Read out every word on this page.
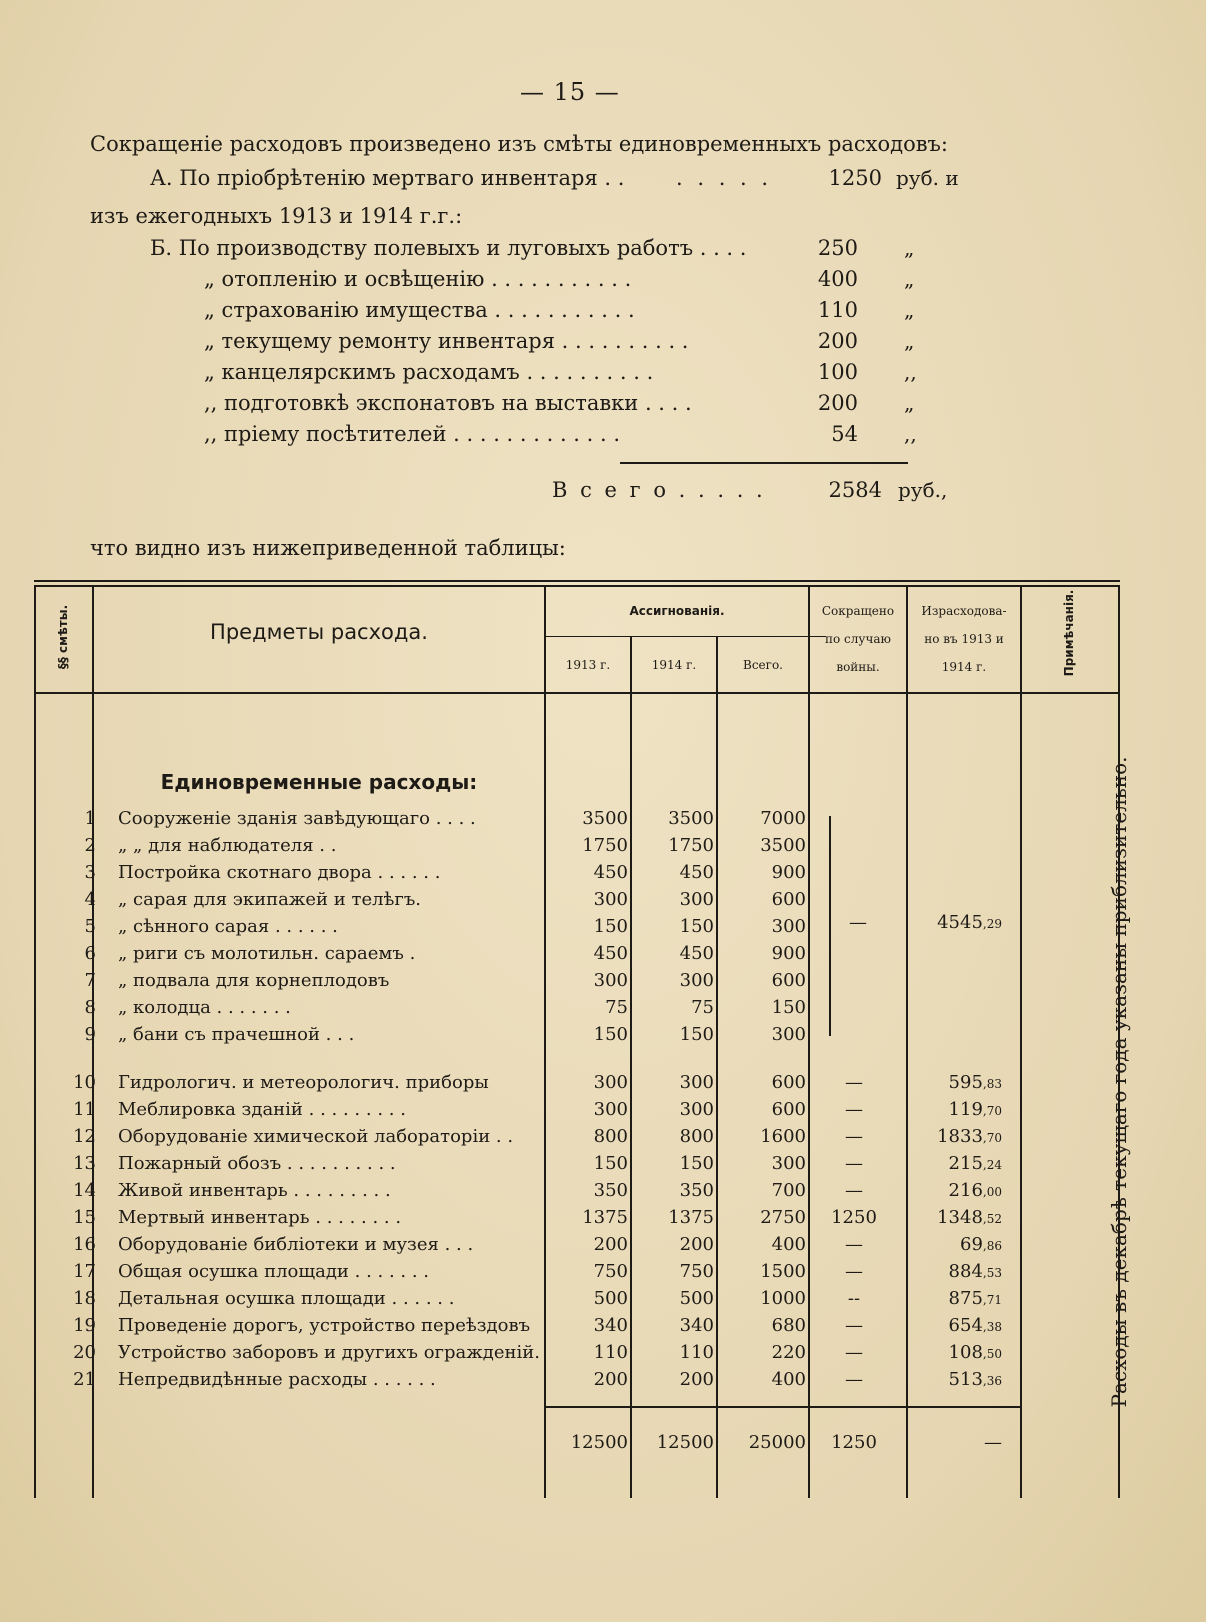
— 15 —
Сокращеніе расходовъ произведено изъ смѣты единовременныхъ расходовъ:
А. По пріобрѣтенію мертваго инвентаря . . . . . . .	1250 руб. и
изъ ежегодныхъ 1913 и 1914 г.г.:
Б. По производству полевыхъ и луговыхъ работъ . . . .	250 „
„ отопленію и освѣщенію . . . . . . . . . . .	400 „
„ страхованію имущества . . . . . . . . . . .	110 „
„ текущему ремонту инвентаря . . . . . . . . . .	200 „
„ канцелярскимъ расходамъ . . . . . . . . . .	100 ,,
,, подготовкѣ экспонатовъ на выставки . . . .	200 „
,, пріему посѣтителей . . . . . . . . . . . . .	54 ,,
В с е г о . . . . .	2584 руб.,
что видно изъ нижеприведенной таблицы:
§§ смѣты.	Предметы расхода.
Ассигнованія.
1913 г.	1914 г.	Всего.
Сокращено
по случаю
войны.
Израсходова-
но въ 1913 и
1914 г.	Примѣчанія.
Расходы въ декабрѣ текущаго года указаны приблизительно.
Единовременные расходы:
1 Сооруженіе зданія завѣдующаго . . . .	3500	3500	7000
2 „ „ для наблюдателя . .	1750	1750	3500
3 Постройка скотнаго двора . . . . . .	450	450	900
4 „ сарая для экипажей и телѣгъ.	300	300	600
5 „ сѣнного сарая . . . . . .	150	150	300
6 „ риги съ молотильн. сараемъ .	450	450	900
7 „ подвала для корнеплодовъ	300	300	600
8 „ колодца . . . . . . .	75	75	150
9 „ бани съ прачешной . . .	150	150	300
—	4545,29
10 Гидрологич. и метеорологич. приборы	300	300	600	—	595,83
11 Меблировка зданій . . . . . . . . .	300	300	600	—	119,70
12 Оборудованіе химической лабораторіи . .	800	800	1600	—	1833,70
13 Пожарный обозъ . . . . . . . . . .	150	150	300	—	215,24
14 Живой инвентарь . . . . . . . . .	350	350	700	—	216,00
15 Мертвый инвентарь . . . . . . . .	1375	1375	2750	1250	1348,52
16 Оборудованіе библіотеки и музея . . .	200	200	400	—	69,86
17 Общая осушка площади . . . . . . .	750	750	1500	—	884,53
18 Детальная осушка площади . . . . . .	500	500	1000	--	875,71
19 Проведеніе дорогъ, устройство переѣздовъ	340	340	680	—	654,38
20 Устройство заборовъ и другихъ огражденій.	110	110	220	—	108,50
21 Непредвидѣнные расходы . . . . . .	200	200	400	—	513,36
12500	12500	25000	1250	—
